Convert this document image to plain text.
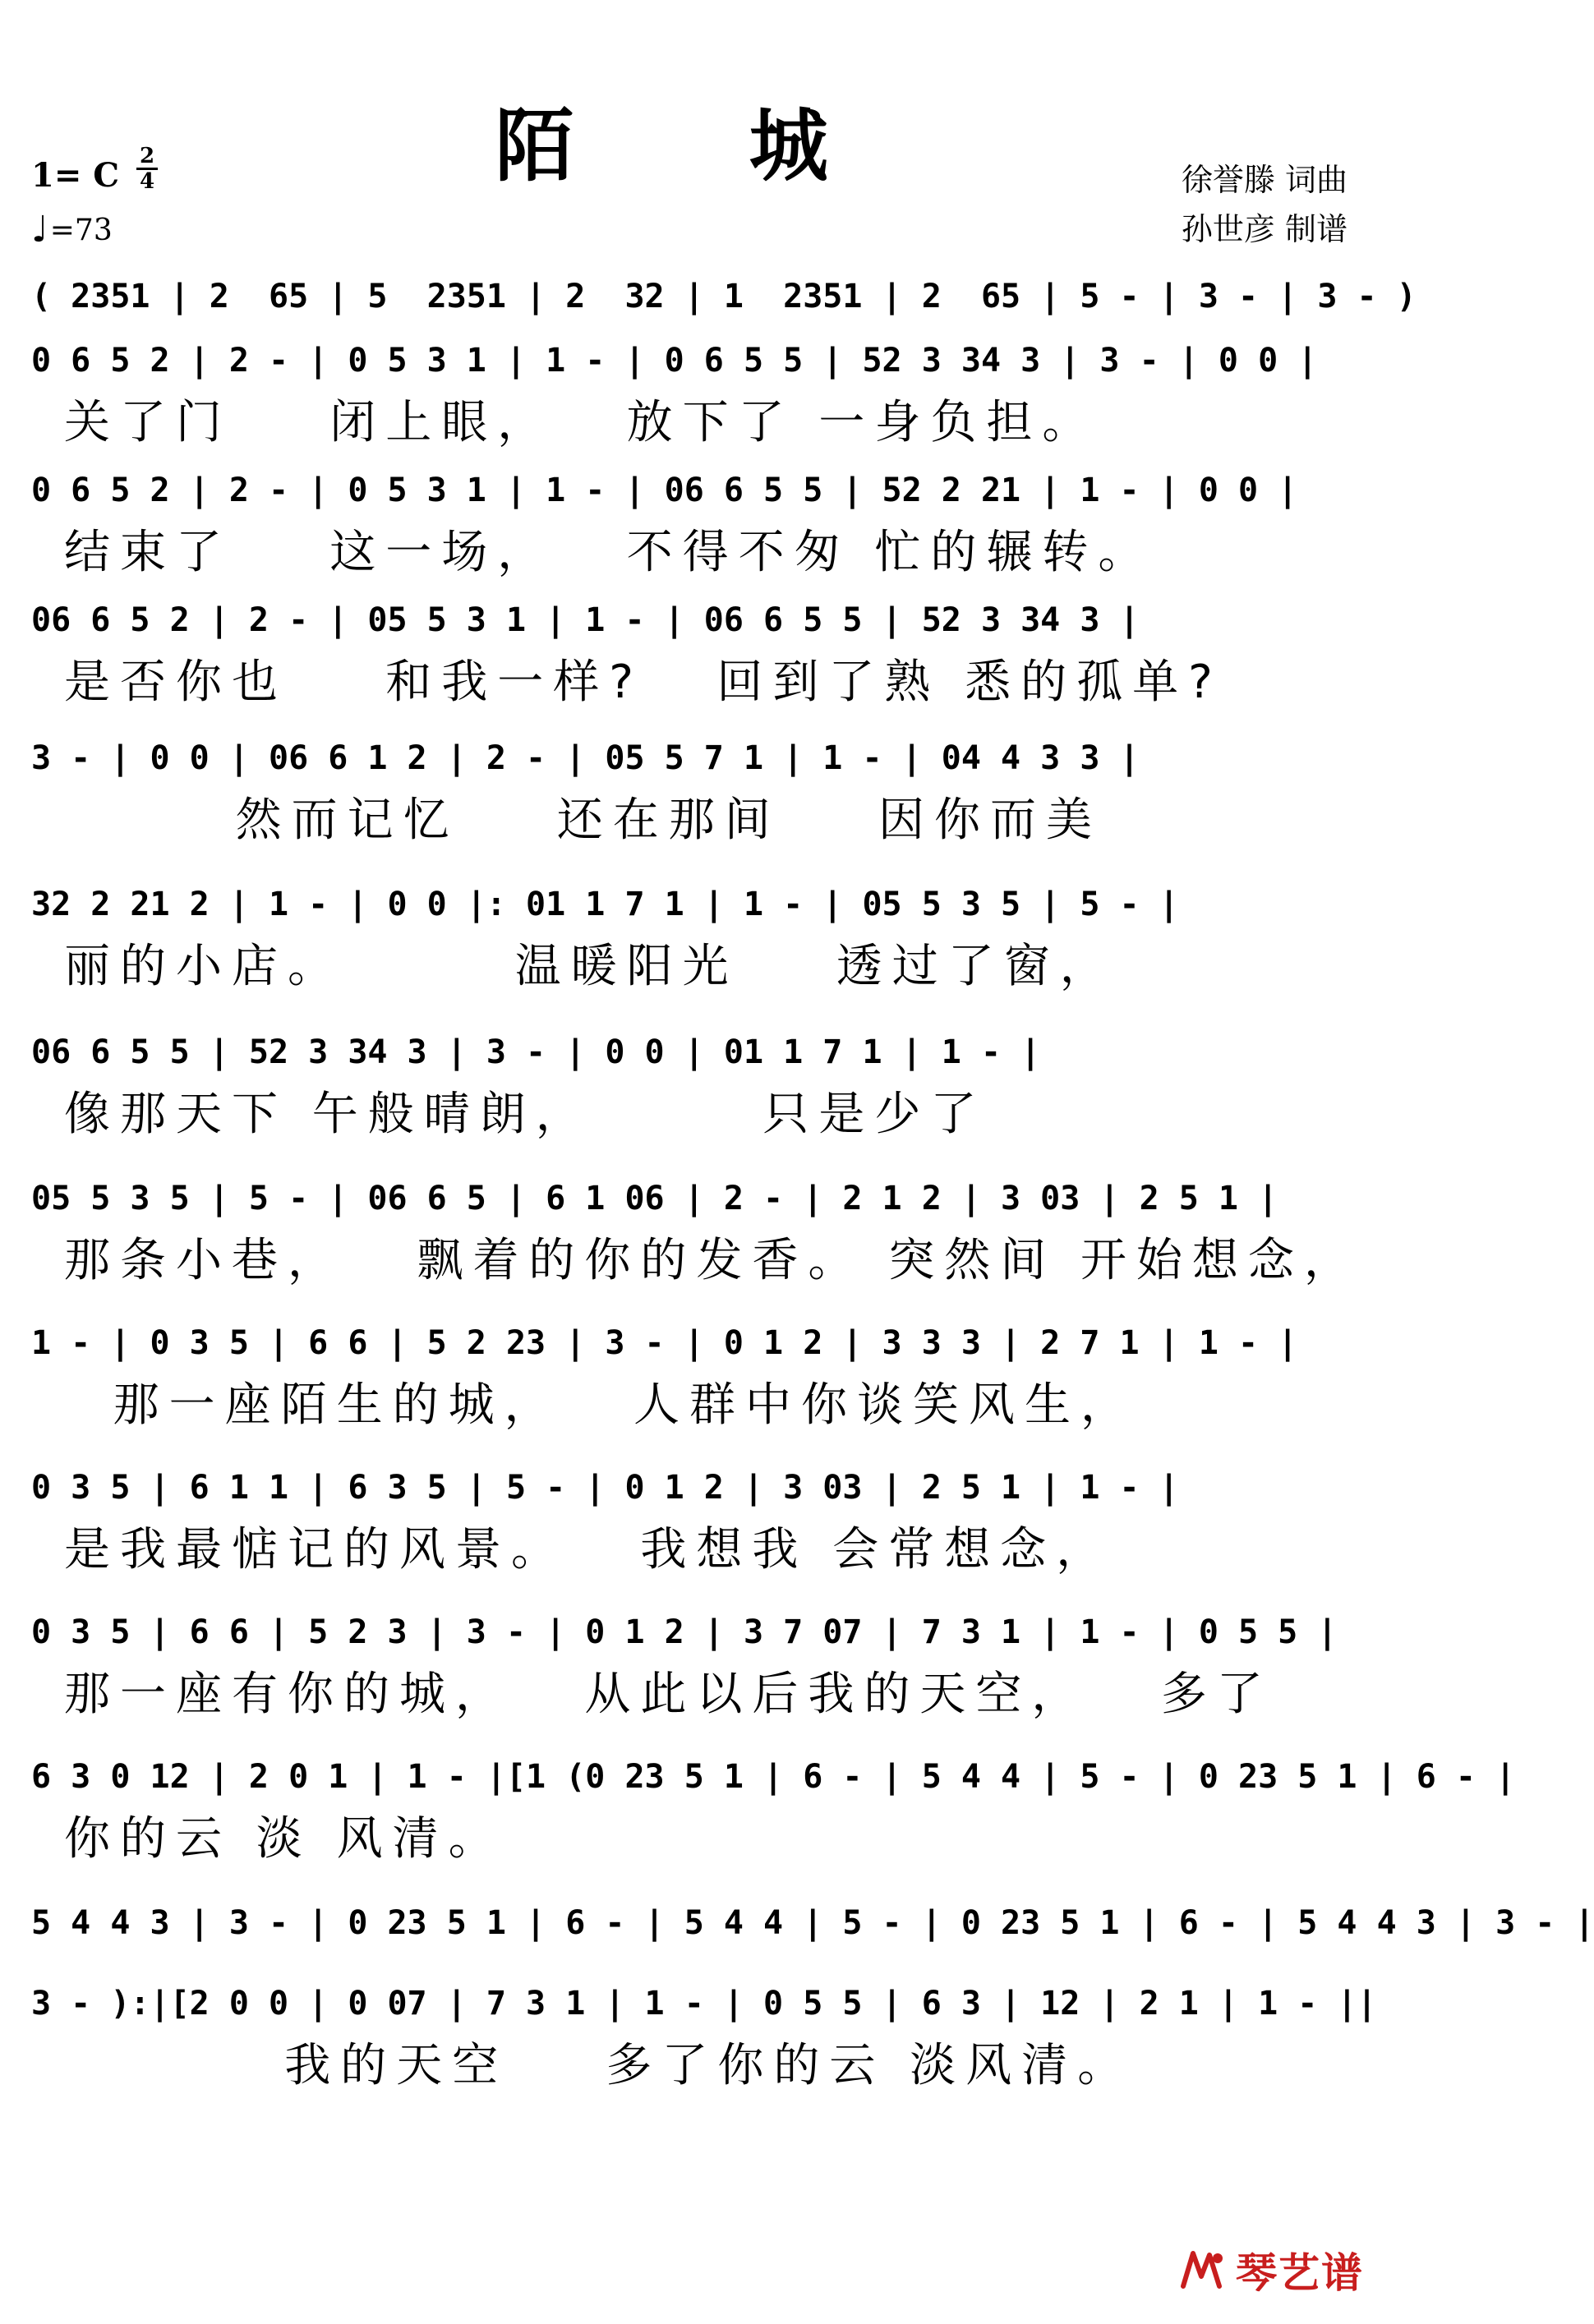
陌 城
1= C 2
4
♩ =73
徐誉滕 词曲
孙世彦 制谱
( 2351 | 2  65 | 5  2351 | 2  32 | 1  2351 | 2  65 | 5 - | 3 - | 3 - )
0 6 5 2 | 2 - | 0 5 3 1 | 1 - | 0 6 5 5 | 52 3 34 3 | 3 - | 0 0 |
关了门    闭上眼，   放下了 一身负担。
0 6 5 2 | 2 - | 0 5 3 1 | 1 - | 06 6 5 5 | 52 2 21 | 1 - | 0 0 |
结束了    这一场，   不得不匆 忙的辗转。
06 6 5 2 | 2 - | 05 5 3 1 | 1 - | 06 6 5 5 | 52 3 34 3 |
是否你也    和我一样?   回到了熟 悉的孤单?
3 - | 0 0 | 06 6 1 2 | 2 - | 05 5 7 1 | 1 - | 04 4 3 3 |
然而记忆    还在那间    因你而美
32 2 21 2 | 1 - | 0 0 |: 01 1 7 1 | 1 - | 05 5 3 5 | 5 - |
丽的小店。       温暖阳光    透过了窗，
06 6 5 5 | 52 3 34 3 | 3 - | 0 0 | 01 1 7 1 | 1 - |
像那天下 午般晴朗，       只是少了
05 5 3 5 | 5 - | 06 6 5 | 6 1 06 | 2 - | 2 1 2 | 3 03 | 2 5 1 |
那条小巷，   飘着的你的发香。 突然间 开始想念，
1 - | 0 3 5 | 6 6 | 5 2 23 | 3 - | 0 1 2 | 3 3 3 | 2 7 1 | 1 - |
那一座陌生的城，   人群中你谈笑风生，
0 3 5 | 6 1 1 | 6 3 5 | 5 - | 0 1 2 | 3 03 | 2 5 1 | 1 - |
是我最惦记的风景。   我想我 会常想念，
0 3 5 | 6 6 | 5 2 3 | 3 - | 0 1 2 | 3 7 07 | 7 3 1 | 1 - | 0 5 5 |
那一座有你的城，   从此以后我的天空，   多了
6 3 0 12 | 2 0 1 | 1 - |[1 (0 23 5 1 | 6 - | 5 4 4 | 5 - | 0 23 5 1 | 6 - |
你的云 淡 风清。
5 4 4 3 | 3 - | 0 23 5 1 | 6 - | 5 4 4 | 5 - | 0 23 5 1 | 6 - | 5 4 4 3 | 3 - |
3 - ):|[2 0 0 | 0 07 | 7 3 1 | 1 - | 0 5 5 | 6 3 | 12 | 2 1 | 1 - ||
我的天空    多了你的云 淡风清。
琴艺谱
